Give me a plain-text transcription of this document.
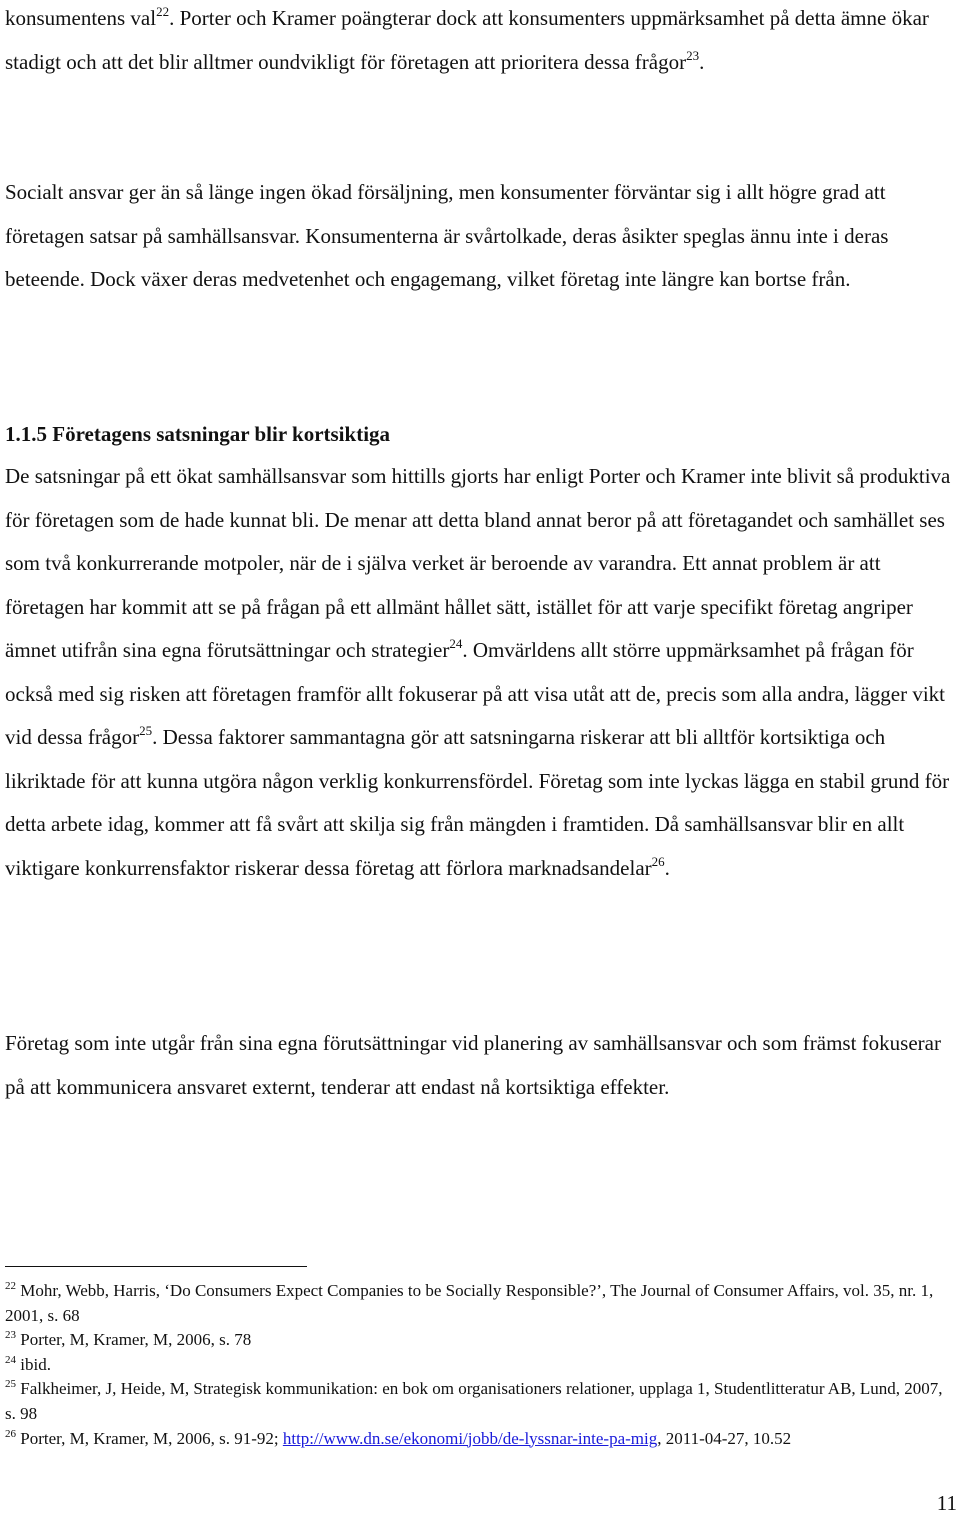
konsumentens val$^{22}$. Porter och Kramer poängterar dock att konsumenters uppmärksamhet på detta ämne ökar stadigt och att det blir alltmer oundvikligt för företagen att prioritera dessa frågor$^{23}$.

Socialt ansvar ger än så länge ingen ökad försäljning, men konsumenter förväntar sig i allt högre grad att företagen satsar på samhällsansvar. Konsumenterna är svårtolkade, deras åsikter speglas ännu inte i deras beteende. Dock växer deras medvetenhet och engagemang, vilket företag inte längre kan bortse från.

1.1.5 Företagens satsningar blir kortsiktiga

De satsningar på ett ökat samhällsansvar som hittills gjorts har enligt Porter och Kramer inte blivit så produktiva för företagen som de hade kunnat bli. De menar att detta bland annat beror på att företagandet och samhället ses som två konkurrerande motpoler, när de i själva verket är beroende av varandra. Ett annat problem är att företagen har kommit att se på frågan på ett allmänt hållet sätt, istället för att varje specifikt företag angriper ämnet utifrån sina egna förutsättningar och strategier$^{24}$. Omvärldens allt större uppmärksamhet på frågan för också med sig risken att företagen framför allt fokuserar på att visa utåt att de, precis som alla andra, lägger vikt vid dessa frågor$^{25}$. Dessa faktorer sammantagna gör att satsningarna riskerar att bli alltför kortsiktiga och likriktade för att kunna utgöra någon verklig konkurrensfördel. Företag som inte lyckas lägga en stabil grund för detta arbete idag, kommer att få svårt att skilja sig från mängden i framtiden. Då samhällsansvar blir en allt viktigare konkurrensfaktor riskerar dessa företag att förlora marknadsandelar$^{26}$.

Företag som inte utgår från sina egna förutsättningar vid planering av samhällsansvar och som främst fokuserar på att kommunicera ansvaret externt, tenderar att endast nå kortsiktiga effekter.

$^{22}$ Mohr, Webb, Harris, ‘Do Consumers Expect Companies to be Socially Responsible?’, The Journal of Consumer Affairs, vol. 35, nr. 1, 2001, s. 68

$^{23}$ Porter, M, Kramer, M, 2006, s. 78

$^{24}$ ibid.

$^{25}$ Falkheimer, J, Heide, M, Strategisk kommunikation: en bok om organisationers relationer, upplaga 1, Studentlitteratur AB, Lund, 2007, s. 98

$^{26}$ Porter, M, Kramer, M, 2006, s. 91-92; http://www.dn.se/ekonomi/jobb/de-lyssnar-inte-pa-mig, 2011-04-27, 10.52

11
